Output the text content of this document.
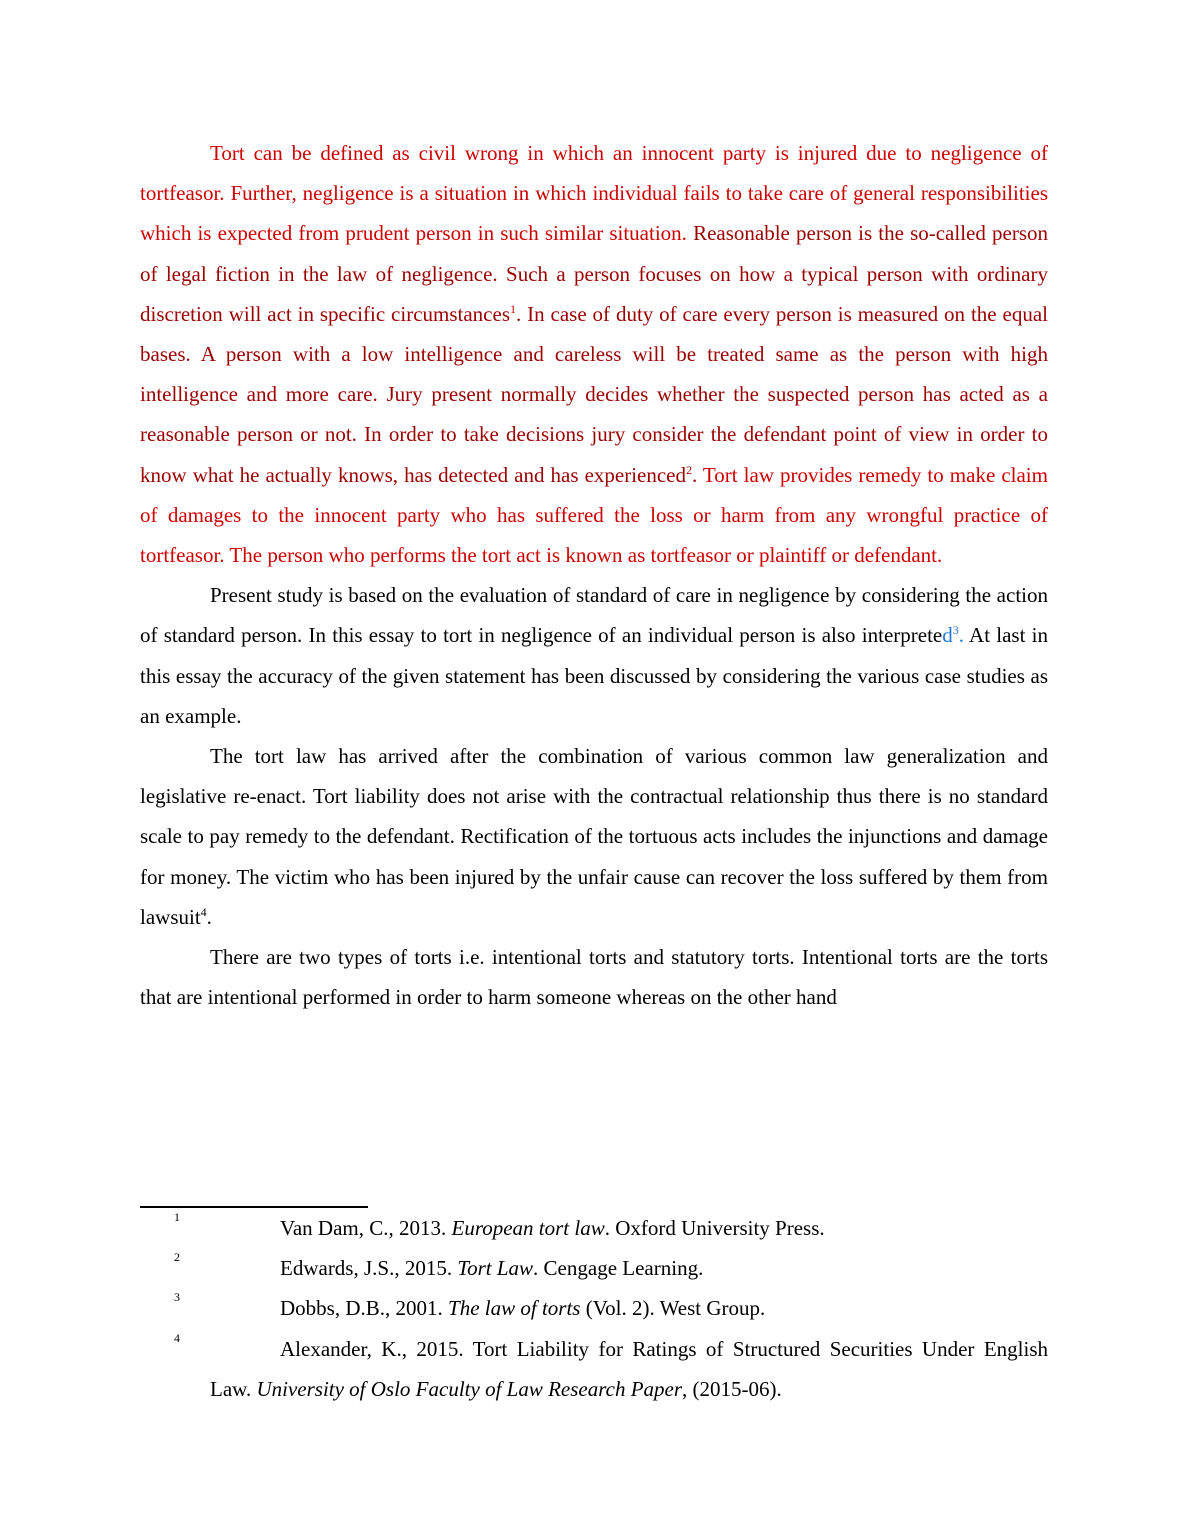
Tort can be defined as civil wrong in which an innocent party is injured due to negligence of tortfeasor. Further, negligence is a situation in which individual fails to take care of general responsibilities which is expected from prudent person in such similar situation. Reasonable person is the so-called person of legal fiction in the law of negligence. Such a person focuses on how a typical person with ordinary discretion will act in specific circumstances$^1$. In case of duty of care every person is measured on the equal bases. A person with a low intelligence and careless will be treated same as the person with high intelligence and more care. Jury present normally decides whether the suspected person has acted as a reasonable person or not. In order to take decisions jury consider the defendant point of view in order to know what he actually knows, has detected and has experienced$^2$. Tort law provides remedy to make claim of damages to the innocent party who has suffered the loss or harm from any wrongful practice of tortfeasor. The person who performs the tort act is known as tortfeasor or plaintiff or defendant.

Present study is based on the evaluation of standard of care in negligence by considering the action of standard person. In this essay to tort in negligence of an individual person is also interpreted$^3$. At last in this essay the accuracy of the given statement has been discussed by considering the various case studies as an example.

The tort law has arrived after the combination of various common law generalization and legislative re-enact. Tort liability does not arise with the contractual relationship thus there is no standard scale to pay remedy to the defendant. Rectification of the tortuous acts includes the injunctions and damage for money. The victim who has been injured by the unfair cause can recover the loss suffered by them from lawsuit$^4$.

There are two types of torts i.e. intentional torts and statutory torts. Intentional torts are the torts that are intentional performed in order to harm someone whereas on the other hand

1	Van Dam, C., 2013. European tort law. Oxford University Press.
2	Edwards, J.S., 2015. Tort Law. Cengage Learning.
3	Dobbs, D.B., 2001. The law of torts (Vol. 2). West Group.
4	Alexander, K., 2015. Tort Liability for Ratings of Structured Securities Under English Law. University of Oslo Faculty of Law Research Paper, (2015-06).
